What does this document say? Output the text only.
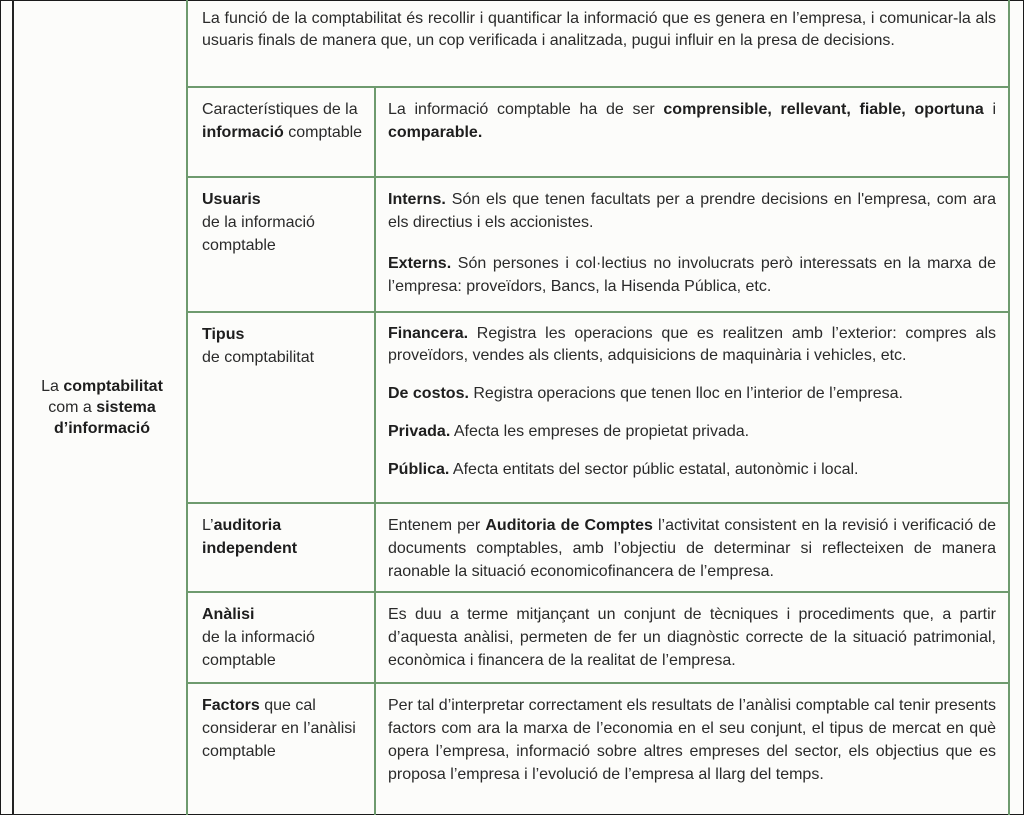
La comptabilitat
com a sistema d’informació

La funció de la comptabilitat és recollir i quantificar la informació que es genera en l’empresa, i comunicar-la als usuaris finals de manera que, un cop verificada i analitzada, pugui influir en la presa de decisions.

Característiques de la informació comptable
La informació comptable ha de ser comprensible, rellevant, fiable, oportuna i comparable.
Usuaris
de la informació comptable

Interns. Són els que tenen facultats per a prendre decisions en l'empresa, com ara els directius i els accionistes.

Externs. Són persones i col·lectius no involucrats però interessats en la marxa de l’empresa: proveïdors, Bancs, la Hisenda Pública, etc.

Tipus
de comptabilitat

Financera. Registra les operacions que es realitzen amb l’exterior: compres als proveïdors, vendes als clients, adquisicions de maquinària i vehicles, etc.

De costos. Registra operacions que tenen lloc en l’interior de l’empresa.

Privada. Afecta les empreses de propietat privada.

Pública. Afecta entitats del sector públic estatal, autonòmic i local.

L’auditoria independent
Entenem per Auditoria de Comptes l’activitat consistent en la revisió i verificació de documents comptables, amb l’objectiu de determinar si reflecteixen de manera raonable la situació economicofinancera de l’empresa.
Anàlisi
de la informació comptable
Es duu a terme mitjançant un conjunt de tècniques i procediments que, a partir d’aquesta anàlisi, permeten de fer un diagnòstic correcte de la situació patrimonial, econòmica i financera de la realitat de l’empresa.
Factors que cal considerar en l’anàlisi comptable
Per tal d’interpretar correctament els resultats de l’anàlisi comptable cal tenir presents factors com ara la marxa de l’economia en el seu conjunt, el tipus de mercat en què opera l’empresa, informació sobre altres empreses del sector, els objectius que es proposa l’empresa i l’evolució de l’empresa al llarg del temps.
